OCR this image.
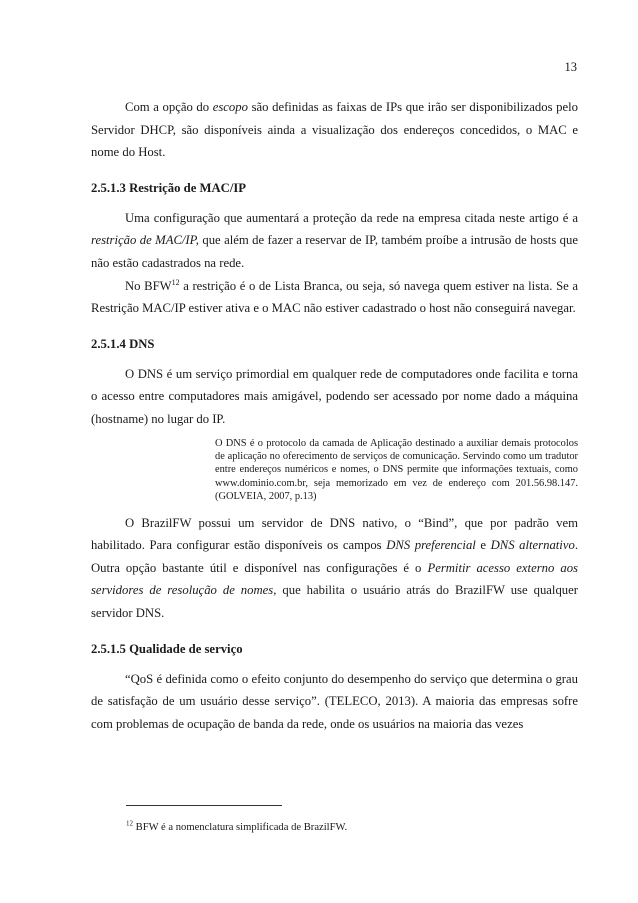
13

Com a opção do escopo são definidas as faixas de IPs que irão ser disponibilizados pelo Servidor DHCP, são disponíveis ainda a visualização dos endereços concedidos, o MAC e nome do Host.

2.5.1.3 Restrição de MAC/IP

Uma configuração que aumentará a proteção da rede na empresa citada neste artigo é a restrição de MAC/IP, que além de fazer a reservar de IP, também proíbe a intrusão de hosts que não estão cadastrados na rede.

No BFW$^{12}$ a restrição é o de Lista Branca, ou seja, só navega quem estiver na lista. Se a Restrição MAC/IP estiver ativa e o MAC não estiver cadastrado o host não conseguirá navegar.

2.5.1.4 DNS

O DNS é um serviço primordial em qualquer rede de computadores onde facilita e torna o acesso entre computadores mais amigável, podendo ser acessado por nome dado a máquina (hostname) no lugar do IP.

O DNS é o protocolo da camada de Aplicação destinado a auxiliar demais protocolos de aplicação no oferecimento de serviços de comunicação. Servindo como um tradutor entre endereços numéricos e nomes, o DNS permite que informações textuais, como www.dominio.com.br, seja memorizado em vez de endereço com 201.56.98.147. (GOLVEIA, 2007, p.13)

O BrazilFW possui um servidor de DNS nativo, o “Bind”, que por padrão vem habilitado. Para configurar estão disponíveis os campos DNS preferencial e DNS alternativo. Outra opção bastante útil e disponível nas configurações é o Permitir acesso externo aos servidores de resolução de nomes, que habilita o usuário atrás do BrazilFW use qualquer servidor DNS.

2.5.1.5 Qualidade de serviço

“QoS é definida como o efeito conjunto do desempenho do serviço que determina o grau de satisfação de um usuário desse serviço”. (TELECO, 2013). A maioria das empresas sofre com problemas de ocupação de banda da rede, onde os usuários na maioria das vezes

$^{12}$ BFW é a nomenclatura simplificada de BrazilFW.
